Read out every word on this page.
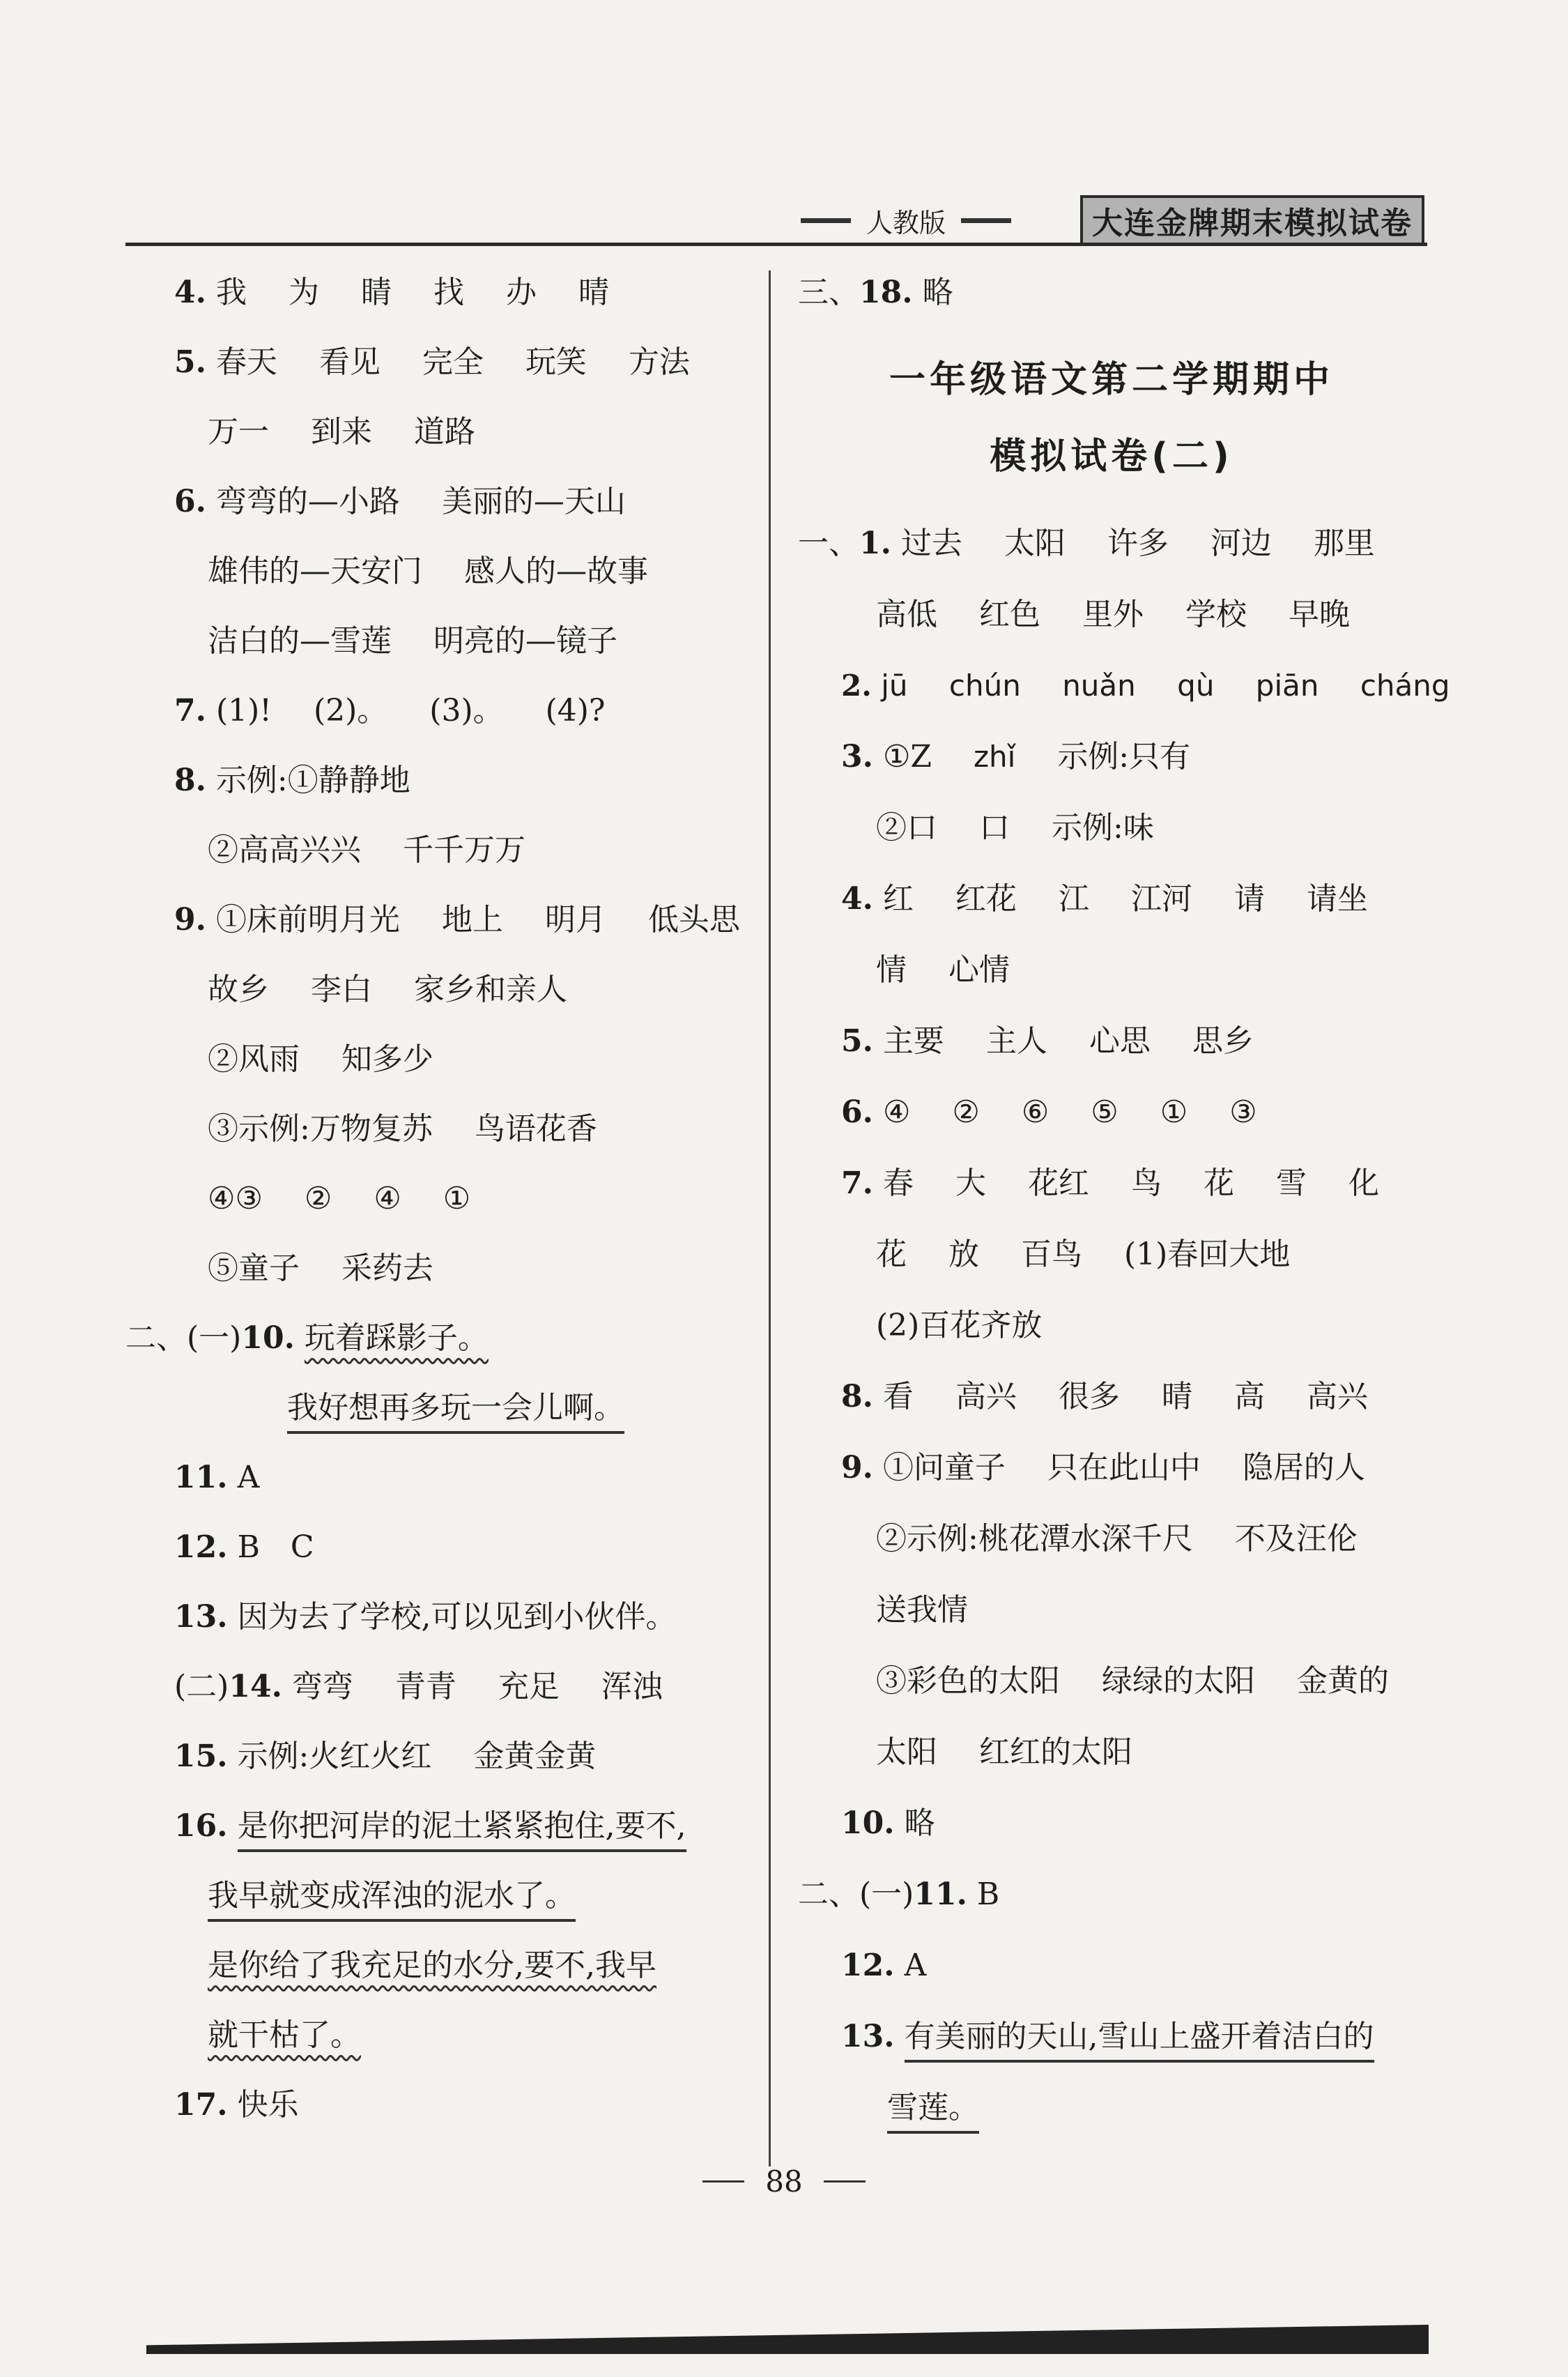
人教版	大连金牌期末模拟试卷
4. 我 为 睛 找 办 晴
5. 春天 看见 完全 玩笑 方法
万一 到来 道路
6. 弯弯的—小路 美丽的—天山
雄伟的—天安门 感人的—故事
洁白的—雪莲 明亮的—镜子
7. (1)! (2)。 (3)。 (4)?
8. 示例:①静静地
②高高兴兴 千千万万
9. ①床前明月光 地上 明月 低头思
故乡 李白 家乡和亲人
②风雨 知多少
③示例:万物复苏 鸟语花香
④③ ② ④ ①
⑤童子 采药去
二、(一)10. 玩着踩影子。
我好想再多玩一会儿啊。
11. A
12. B C
13. 因为去了学校,可以见到小伙伴。
(二)14. 弯弯 青青 充足 浑浊
15. 示例:火红火红 金黄金黄
16. 是你把河岸的泥土紧紧抱住,要不,
我早就变成浑浊的泥水了。
是你给了我充足的水分,要不,我早
就干枯了。
17. 快乐
三、18. 略
一年级语文第二学期期中
模拟试卷(二)
一、1. 过去 太阳 许多 河边 那里
高低 红色 里外 学校 早晚
2. jū chún nuǎn qù piān cháng
3. ①Z zhǐ 示例:只有
②口 口 示例:味
4. 红 红花 江 江河 请 请坐
情 心情
5. 主要 主人 心思 思乡
6. ④ ② ⑥ ⑤ ① ③
7. 春 大 花红 鸟 花 雪 化
花 放 百鸟 (1)春回大地
(2)百花齐放
8. 看 高兴 很多 晴 高 高兴
9. ①问童子 只在此山中 隐居的人
②示例:桃花潭水深千尺 不及汪伦
送我情
③彩色的太阳 绿绿的太阳 金黄的
太阳 红红的太阳
10. 略
二、(一)11. B
12. A
13. 有美丽的天山,雪山上盛开着洁白的
雪莲。
88
